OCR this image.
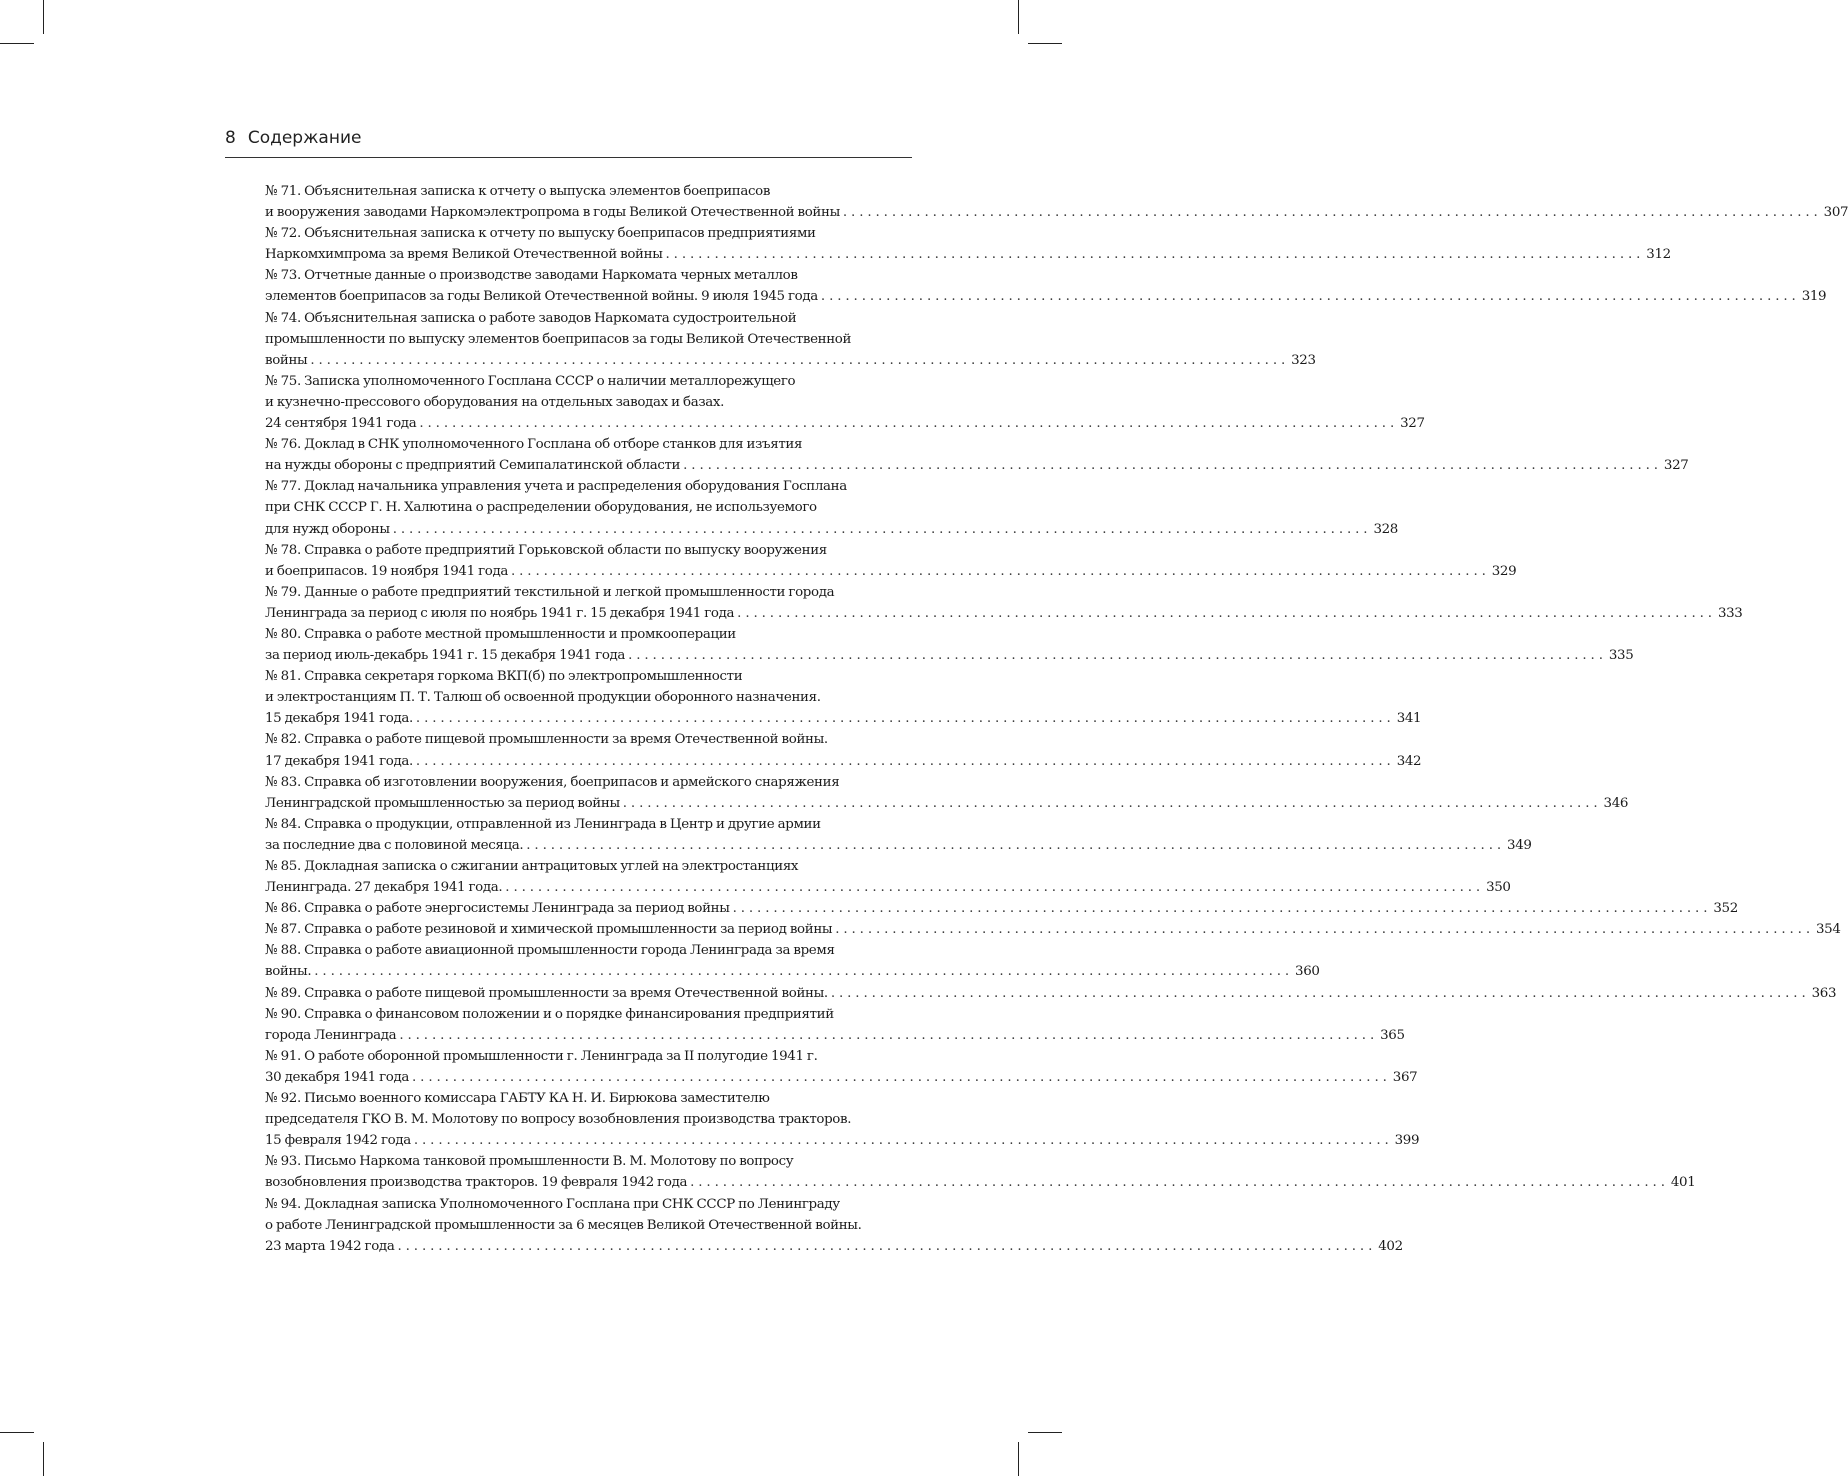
8 Содержание
№ 71. Объяснительная записка к отчету о выпуска элементов боеприпасов
и вооружения заводами Наркомэлектропрома в годы Великой Отечественной войны ........................................................................................................................ 307
№ 72. Объяснительная записка к отчету по выпуску боеприпасов предприятиями
Наркомхимпрома за время Великой Отечественной войны ........................................................................................................................ 312
№ 73. Отчетные данные о производстве заводами Наркомата черных металлов
элементов боеприпасов за годы Великой Отечественной войны. 9 июля 1945 года ........................................................................................................................ 319
№ 74. Объяснительная записка о работе заводов Наркомата судостроительной
промышленности по выпуску элементов боеприпасов за годы Великой Отечественной
войны ........................................................................................................................ 323
№ 75. Записка уполномоченного Госплана СССР о наличии металлорежущего
и кузнечно-прессового оборудования на отдельных заводах и базах.
24 сентября 1941 года ........................................................................................................................ 327
№ 76. Доклад в СНК уполномоченного Госплана об отборе станков для изъятия
на нужды обороны с предприятий Семипалатинской области ........................................................................................................................ 327
№ 77. Доклад начальника управления учета и распределения оборудования Госплана
при СНК СССР Г. Н. Халютина о распределении оборудования, не используемого
для нужд обороны ........................................................................................................................ 328
№ 78. Справка о работе предприятий Горьковской области по выпуску вооружения
и боеприпасов. 19 ноября 1941 года ........................................................................................................................ 329
№ 79. Данные о работе предприятий текстильной и легкой промышленности города
Ленинграда за период с июля по ноябрь 1941 г. 15 декабря 1941 года ........................................................................................................................ 333
№ 80. Справка о работе местной промышленности и промкооперации
за период июль-декабрь 1941 г. 15 декабря 1941 года ........................................................................................................................ 335
№ 81. Справка секретаря горкома ВКП(б) по электропромышленности
и электростанциям П. Т. Талюш об освоенной продукции оборонного назначения.
15 декабря 1941 года. ........................................................................................................................ 341
№ 82. Справка о работе пищевой промышленности за время Отечественной войны.
17 декабря 1941 года. ........................................................................................................................ 342
№ 83. Справка об изготовлении вооружения, боеприпасов и армейского снаряжения
Ленинградской промышленностью за период войны ........................................................................................................................ 346
№ 84. Справка о продукции, отправленной из Ленинграда в Центр и другие армии
за последние два с половиной месяца. ........................................................................................................................ 349
№ 85. Докладная записка о сжигании антрацитовых углей на электростанциях
Ленинграда. 27 декабря 1941 года. ........................................................................................................................ 350
№ 86. Справка о работе энергосистемы Ленинграда за период войны ........................................................................................................................ 352
№ 87. Справка о работе резиновой и химической промышленности за период войны ........................................................................................................................ 354
№ 88. Справка о работе авиационной промышленности города Ленинграда за время
войны. ........................................................................................................................ 360
№ 89. Справка о работе пищевой промышленности за время Отечественной войны. ........................................................................................................................ 363
№ 90. Справка о финансовом положении и о порядке финансирования предприятий
города Ленинграда ........................................................................................................................ 365
№ 91. О работе оборонной промышленности г. Ленинграда за II полугодие 1941 г.
30 декабря 1941 года ........................................................................................................................ 367
№ 92. Письмо военного комиссара ГАБТУ КА Н. И. Бирюкова заместителю
председателя ГКО В. М. Молотову по вопросу возобновления производства тракторов.
15 февраля 1942 года ........................................................................................................................ 399
№ 93. Письмо Наркома танковой промышленности В. М. Молотову по вопросу
возобновления производства тракторов. 19 февраля 1942 года ........................................................................................................................ 401
№ 94. Докладная записка Уполномоченного Госплана при СНК СССР по Ленинграду
о работе Ленинградской промышленности за 6 месяцев Великой Отечественной войны.
23 марта 1942 года ........................................................................................................................ 402
